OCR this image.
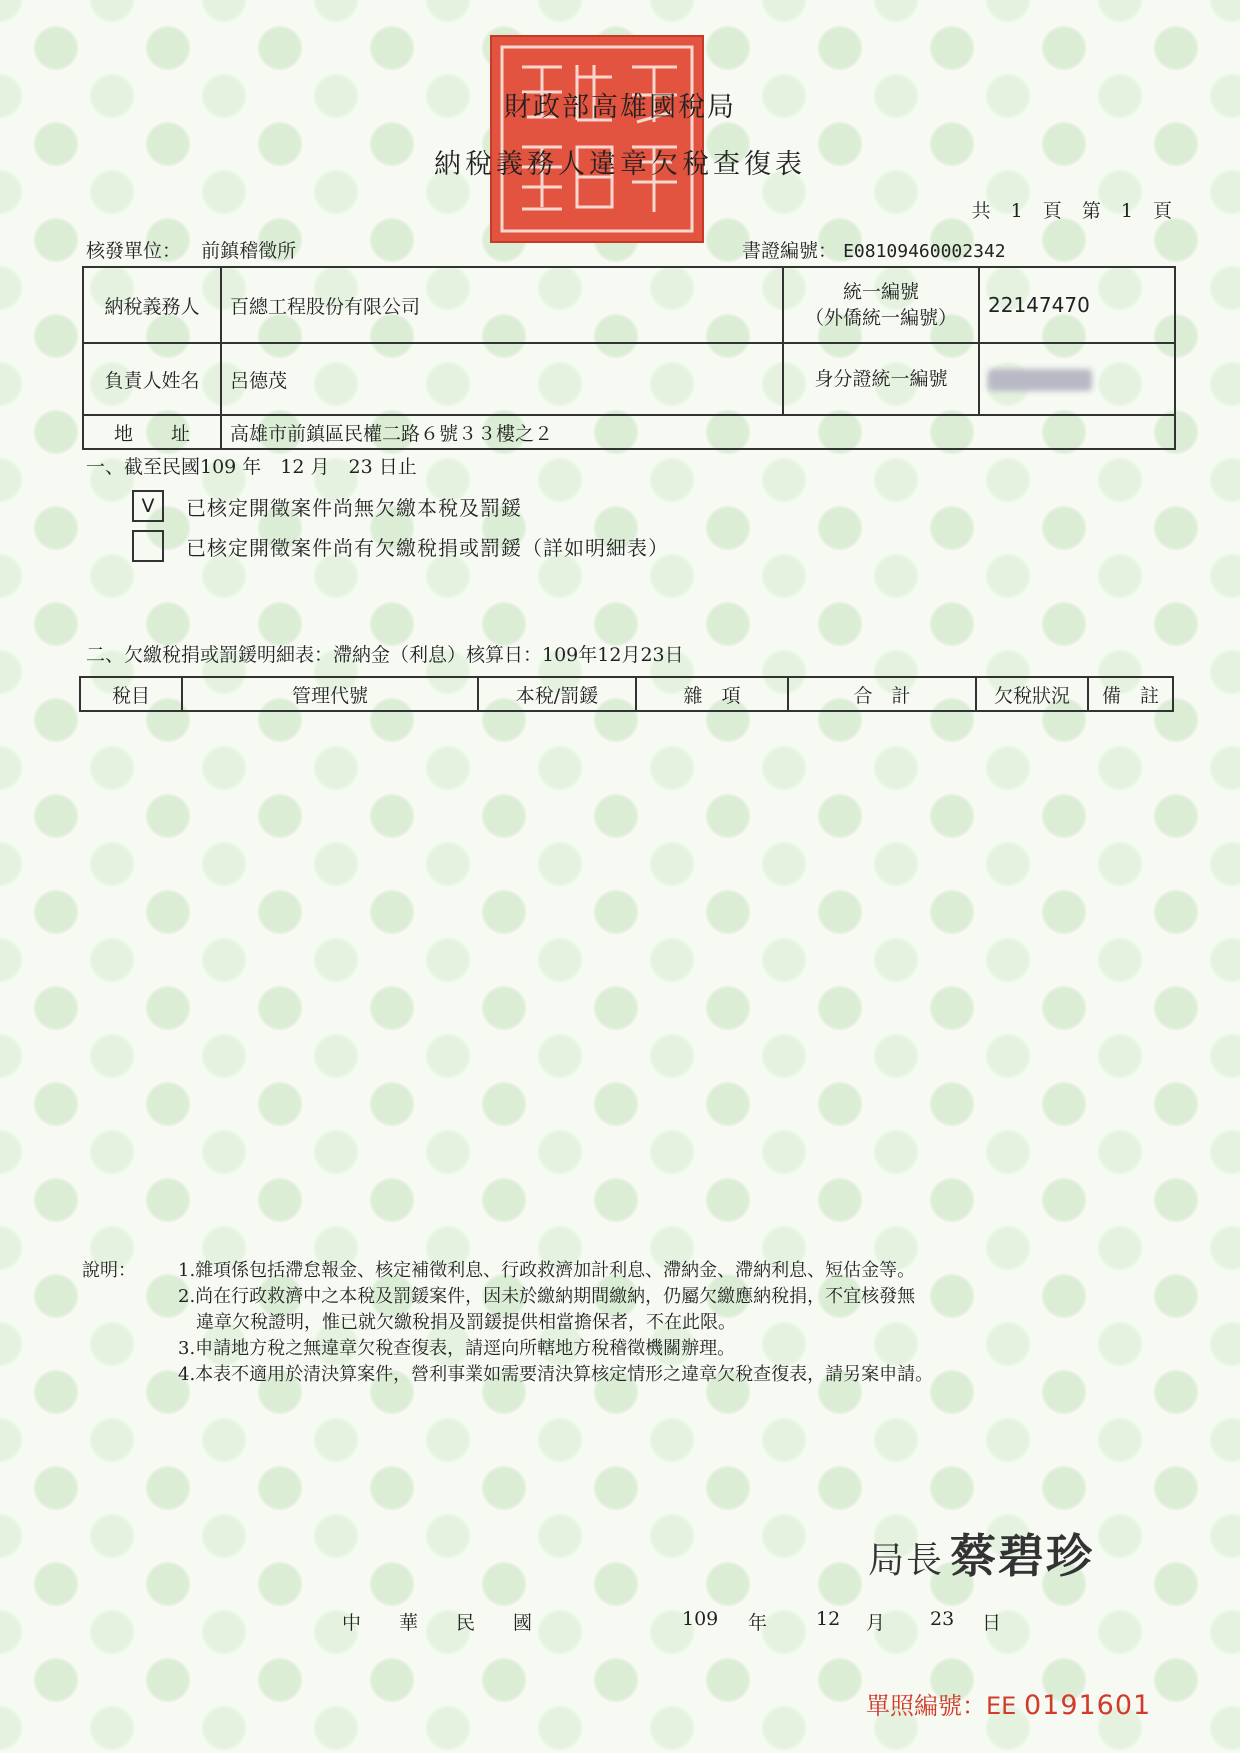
財政部高雄國稅局
納稅義務人違章欠稅查復表
共 1 頁 第 1 頁
核發單位： 前鎮稽徵所	書證編號： E08109460002342
納稅義務人	百總工程股份有限公司	統一編號
（外僑統一編號）	22147470
負責人姓名	呂德茂	身分證統一編號	
地　　址	高雄市前鎮區民權二路６號３３樓之２		
一、截至民國109 年　12 月　23 日止
V	已核定開徵案件尚無欠繳本稅及罰鍰
已核定開徵案件尚有欠繳稅捐或罰鍰（詳如明細表）
二、欠繳稅捐或罰鍰明細表：滯納金（利息）核算日：109年12月23日
稅目	管理代號	本稅/罰鍰	雜　項	合　計	欠稅狀況	備　註
說明：	1.雜項係包括滯怠報金、核定補徵利息、行政救濟加計利息、滯納金、滯納利息、短估金等。
2.尚在行政救濟中之本稅及罰鍰案件，因未於繳納期間繳納，仍屬欠繳應納稅捐，不宜核發無
違章欠稅證明，惟已就欠繳稅捐及罰鍰提供相當擔保者，不在此限。
3.申請地方稅之無違章欠稅查復表，請逕向所轄地方稅稽徵機關辦理。
4.本表不適用於清決算案件，營利事業如需要清決算核定情形之違章欠稅查復表，請另案申請。
局長 蔡碧珍
中　　華　　民　　國	109 年	12 月 23 日
單照編號：EE 0191601
